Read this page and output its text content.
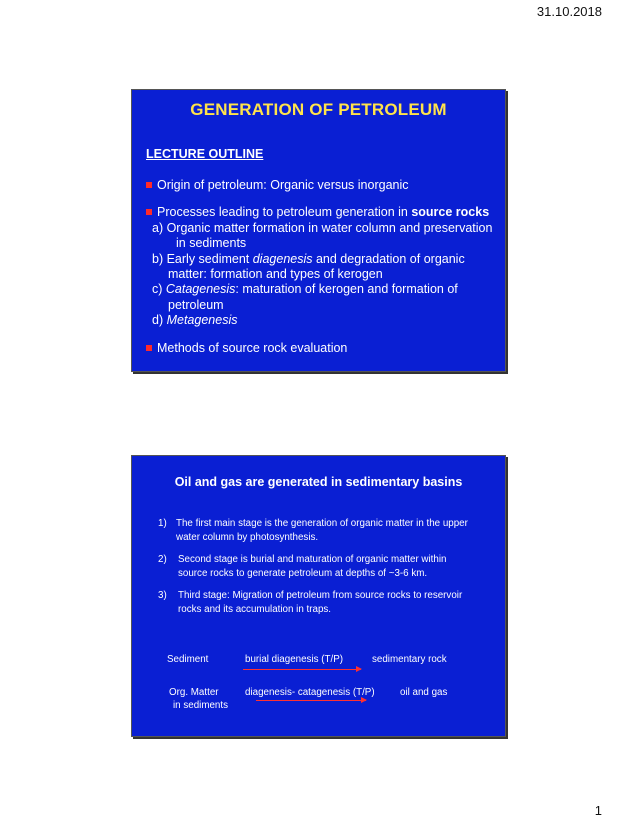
31.10.2018
GENERATION OF PETROLEUM
LECTURE OUTLINE
Origin of petroleum: Organic versus inorganic
Processes leading to petroleum generation in source rocks
a) Organic matter formation in water column and preservation
in sediments
b) Early sediment diagenesis and degradation of organic
matter: formation and types of kerogen
c) Catagenesis: maturation of kerogen and formation of
petroleum
d) Metagenesis
Methods of source rock evaluation
Oil and gas are generated in sedimentary basins
1) The first main stage is the generation of organic matter in the upper
water column by photosynthesis.
2)	Second stage is burial and maturation of organic matter within
source rocks to generate petroleum at depths of ~3-6 km.
3)	Third stage: Migration of petroleum from source rocks to reservoir
rocks and its accumulation in traps.
Sediment	burial diagenesis (T/P)	sedimentary rock
Org. Matter
in sediments
diagenesis- catagenesis (T/P)	oil and gas
1
